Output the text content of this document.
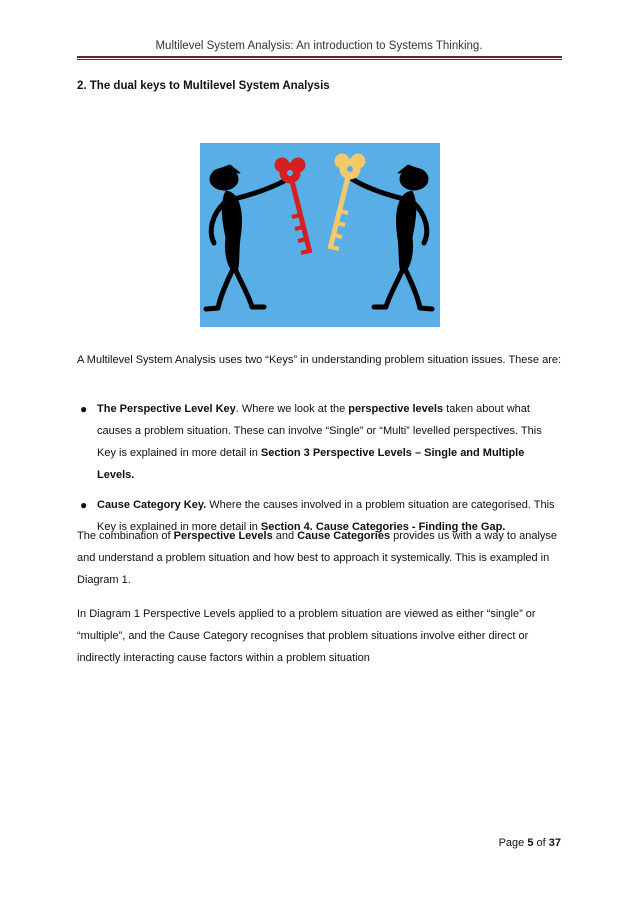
Multilevel System Analysis: An introduction to Systems Thinking.
2. The dual keys to Multilevel System Analysis
A Multilevel System Analysis uses two “Keys” in understanding problem situation issues. These are:
● The Perspective Level Key. Where we look at the perspective levels taken about what causes a problem situation. These can involve “Single” or “Multi” levelled perspectives. This Key is explained in more detail in Section 3 Perspective Levels – Single and Multiple Levels.
● Cause Category Key. Where the causes involved in a problem situation are categorised. This Key is explained in more detail in Section 4. Cause Categories - Finding the Gap.
The combination of Perspective Levels and Cause Categories provides us with a way to analyse and understand a problem situation and how best to approach it systemically. This is exampled in Diagram 1.
In Diagram 1 Perspective Levels applied to a problem situation are viewed as either “single” or “multiple”, and the Cause Category recognises that problem situations involve either direct or indirectly interacting cause factors within a problem situation
Page 5 of 37
